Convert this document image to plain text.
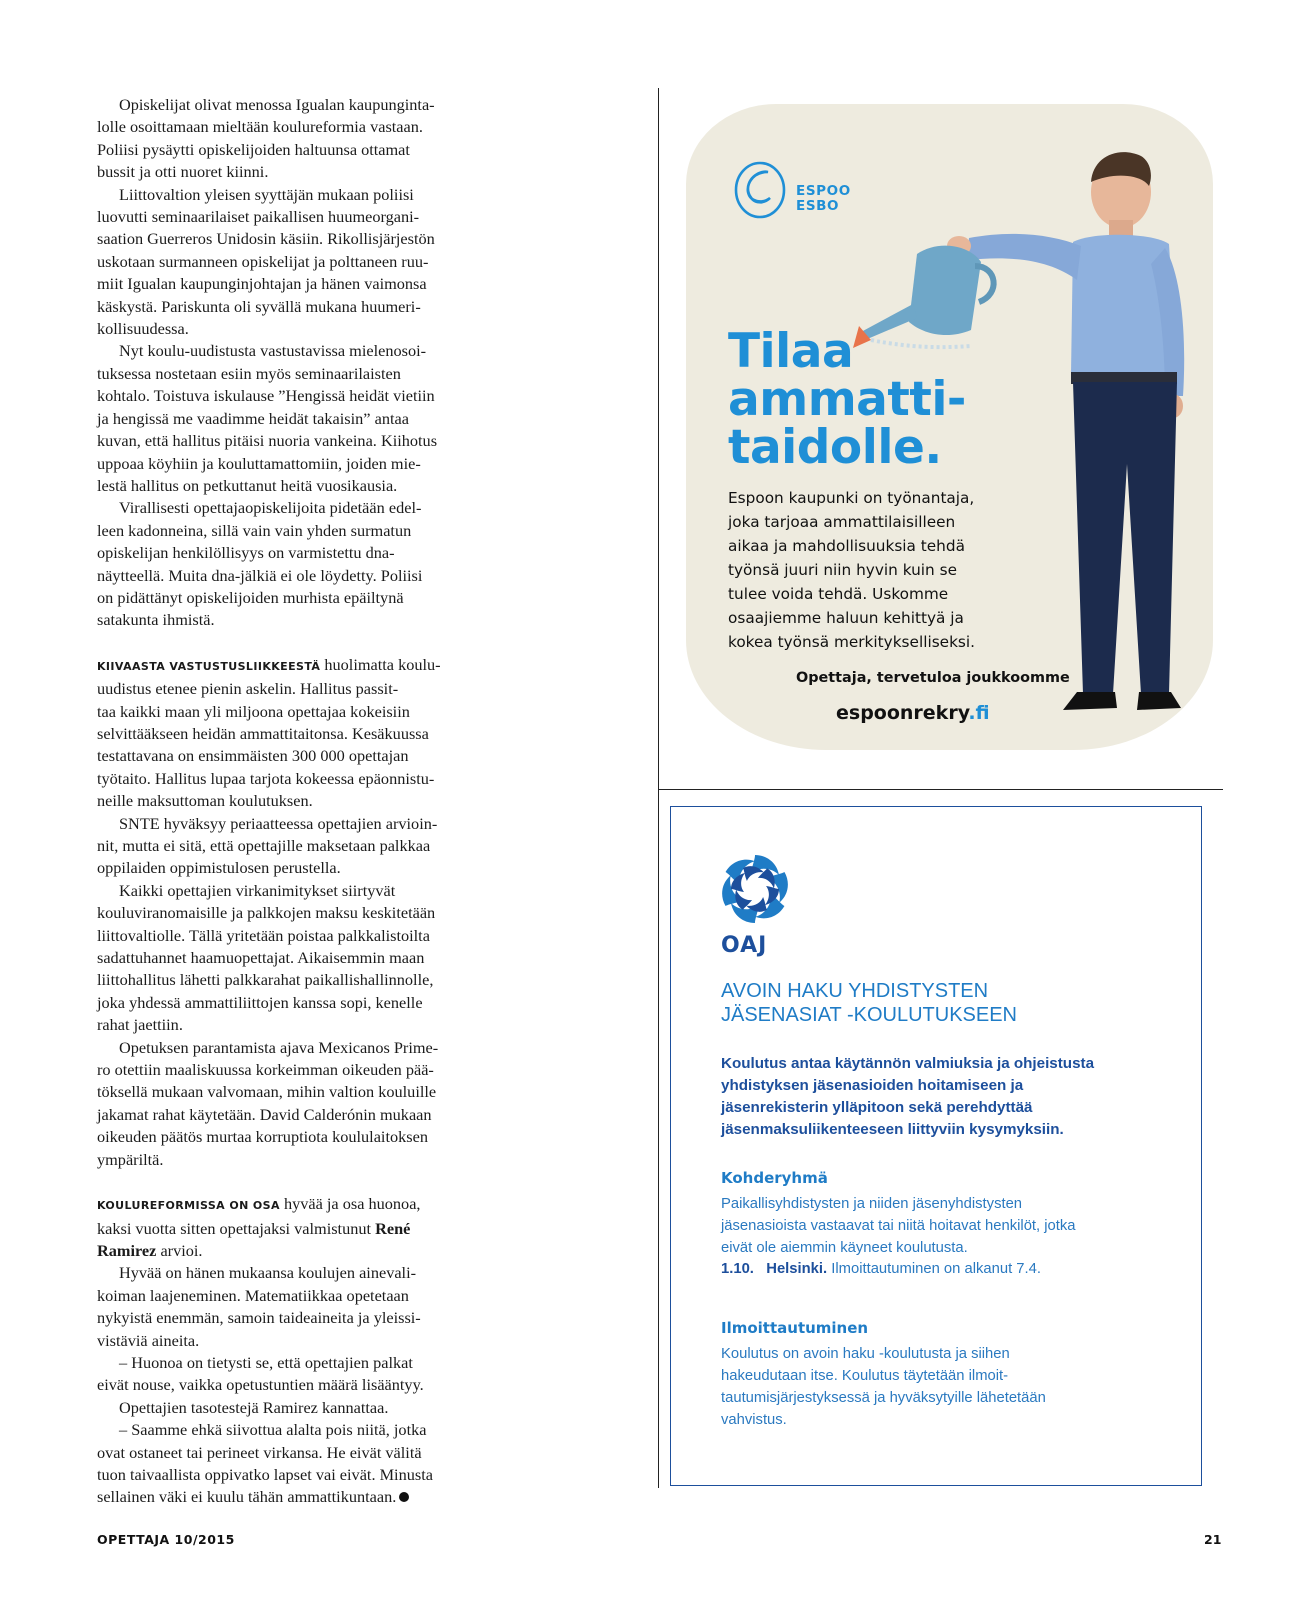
Opiskelijat olivat menossa Igualan kaupunginta-
lolle osoittamaan mieltään koulureformia vastaan.
Poliisi pysäytti opiskelijoiden haltuunsa ottamat
bussit ja otti nuoret kiinni.

Liittovaltion yleisen syyttäjän mukaan poliisi
luovutti seminaarilaiset paikallisen huumeorgani-
saation Guerreros Unidosin käsiin. Rikollisjärjestön
uskotaan surmanneen opiskelijat ja polttaneen ruu-
miit Igualan kaupunginjohtajan ja hänen vaimonsa
käskystä. Pariskunta oli syvällä mukana huumeri-
kollisuudessa.

Nyt koulu-uudistusta vastustavissa mielenosoi-
tuksessa nostetaan esiin myös seminaarilaisten
kohtalo. Toistuva iskulause ”Hengissä heidät vietiin
ja hengissä me vaadimme heidät takaisin” antaa
kuvan, että hallitus pitäisi nuoria vankeina. Kiihotus
uppoaa köyhiin ja kouluttamattomiin, joiden mie-
lestä hallitus on petkuttanut heitä vuosikausia.

Virallisesti opettajaopiskelijoita pidetään edel-
leen kadonneina, sillä vain vain yhden surmatun
opiskelijan henkilöllisyys on varmistettu dna-
näytteellä. Muita dna-jälkiä ei ole löydetty. Poliisi
on pidättänyt opiskelijoiden murhista epäiltynä
satakunta ihmistä.

KIIVAASTA VASTUSTUSLIIKKEESTÄ huolimatta koulu-
uudistus etenee pienin askelin. Hallitus passit-
taa kaikki maan yli miljoona opettajaa kokeisiin
selvittääkseen heidän ammattitaitonsa. Kesäkuussa
testattavana on ensimmäisten 300 000 opettajan
työtaito. Hallitus lupaa tarjota kokeessa epäonnistu-
neille maksuttoman koulutuksen.

SNTE hyväksyy periaatteessa opettajien arvioin-
nit, mutta ei sitä, että opettajille maksetaan palkkaa
oppilaiden oppimistulosen perustella.

Kaikki opettajien virkanimitykset siirtyvät
kouluviranomaisille ja palkkojen maksu keskitetään
liittovaltiolle. Tällä yritetään poistaa palkkalistoilta
sadattuhannet haamuopettajat. Aikaisemmin maan
liittohallitus lähetti palkkarahat paikallishallinnolle,
joka yhdessä ammattiliittojen kanssa sopi, kenelle
rahat jaettiin.

Opetuksen parantamista ajava Mexicanos Prime-
ro otettiin maaliskuussa korkeimman oikeuden pää-
töksellä mukaan valvomaan, mihin valtion kouluille
jakamat rahat käytetään. David Calderónin mukaan
oikeuden päätös murtaa korruptiota koululaitoksen
ympäriltä.

KOULUREFORMISSA ON OSA hyvää ja osa huonoa,
kaksi vuotta sitten opettajaksi valmistunut René
Ramirez arvioi.

Hyvää on hänen mukaansa koulujen ainevali-
koiman laajeneminen. Matematiikkaa opetetaan
nykyistä enemmän, samoin taideaineita ja yleissi-
vistäviä aineita.

– Huonoa on tietysti se, että opettajien palkat
eivät nouse, vaikka opetustuntien määrä lisääntyy.

Opettajien tasotestejä Ramirez kannattaa.

– Saamme ehkä siivottua alalta pois niitä, jotka
ovat ostaneet tai perineet virkansa. He eivät välitä
tuon taivaallista oppivatko lapset vai eivät. Minusta
sellainen väki ei kuulu tähän ammattikuntaan.

ESPOO
ESBO
Tilaa
ammatti-
taidolle.
Espoon kaupunki on työnantaja,
joka tarjoaa ammattilaisilleen
aikaa ja mahdollisuuksia tehdä
työnsä juuri niin hyvin kuin se
tulee voida tehdä. Uskomme
osaajiemme haluun kehittyä ja
kokea työnsä merkitykselliseksi.
Opettaja, tervetuloa joukkoomme
espoonrekry.fi
OAJ
AVOIN HAKU YHDISTYSTEN
JÄSENASIAT -KOULUTUKSEEN
Koulutus antaa käytännön valmiuksia ja ohjeistusta
yhdistyksen jäsenasioiden hoitamiseen ja
jäsenrekisterin ylläpitoon sekä perehdyttää
jäsenmaksuliikenteeseen liittyviin kysymyksiin.
Kohderyhmä
Paikallisyhdistysten ja niiden jäsenyhdistysten
jäsenasioista vastaavat tai niitä hoitavat henkilöt, jotka
eivät ole aiemmin käyneet koulutusta.
1.10. Helsinki. Ilmoittautuminen on alkanut 7.4.
Ilmoittautuminen
Koulutus on avoin haku -koulutusta ja siihen
hakeudutaan itse. Koulutus täytetään ilmoit-
tautumisjärjestyksessä ja hyväksytyille lähetetään
vahvistus.
OPETTAJA 10/2015	21
